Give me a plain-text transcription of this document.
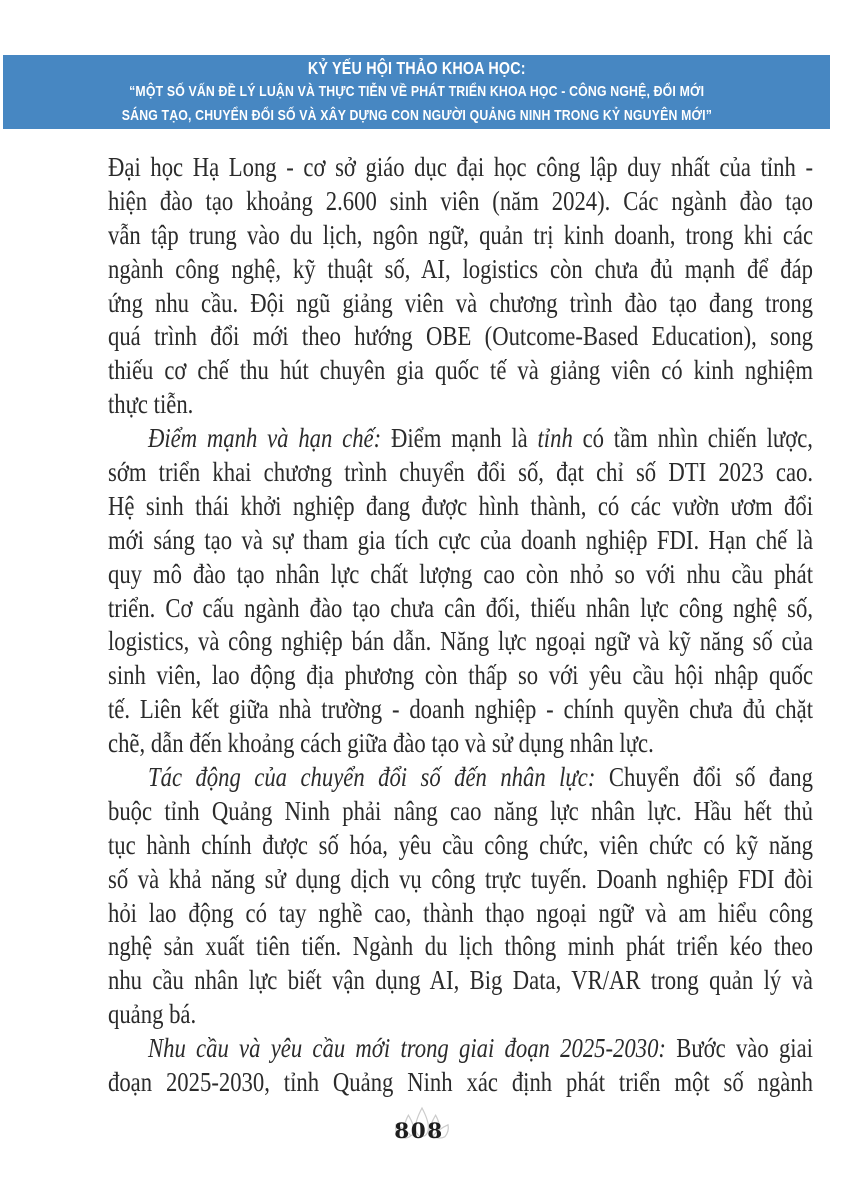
KỶ YẾU HỘI THẢO KHOA HỌC:
“MỘT SỐ VẤN ĐỀ LÝ LUẬN VÀ THỰC TIỄN VỀ PHÁT TRIỂN KHOA HỌC - CÔNG NGHỆ, ĐỔI MỚI
SÁNG TẠO, CHUYỂN ĐỔI SỐ VÀ XÂY DỰNG CON NGƯỜI QUẢNG NINH TRONG KỶ NGUYÊN MỚI”
Đại học Hạ Long - cơ sở giáo dục đại học công lập duy nhất của tỉnh -
hiện đào tạo khoảng 2.600 sinh viên (năm 2024). Các ngành đào tạo
vẫn tập trung vào du lịch, ngôn ngữ, quản trị kinh doanh, trong khi các
ngành công nghệ, kỹ thuật số, AI, logistics còn chưa đủ mạnh để đáp
ứng nhu cầu. Đội ngũ giảng viên và chương trình đào tạo đang trong
quá trình đổi mới theo hướng OBE (Outcome-Based Education), song
thiếu cơ chế thu hút chuyên gia quốc tế và giảng viên có kinh nghiệm
thực tiễn.
Điểm mạnh và hạn chế: Điểm mạnh là tỉnh có tầm nhìn chiến lược,
sớm triển khai chương trình chuyển đổi số, đạt chỉ số DTI 2023 cao.
Hệ sinh thái khởi nghiệp đang được hình thành, có các vườn ươm đổi
mới sáng tạo và sự tham gia tích cực của doanh nghiệp FDI. Hạn chế là
quy mô đào tạo nhân lực chất lượng cao còn nhỏ so với nhu cầu phát
triển. Cơ cấu ngành đào tạo chưa cân đối, thiếu nhân lực công nghệ số,
logistics, và công nghiệp bán dẫn. Năng lực ngoại ngữ và kỹ năng số của
sinh viên, lao động địa phương còn thấp so với yêu cầu hội nhập quốc
tế. Liên kết giữa nhà trường - doanh nghiệp - chính quyền chưa đủ chặt
chẽ, dẫn đến khoảng cách giữa đào tạo và sử dụng nhân lực.
Tác động của chuyển đổi số đến nhân lực: Chuyển đổi số đang
buộc tỉnh Quảng Ninh phải nâng cao năng lực nhân lực. Hầu hết thủ
tục hành chính được số hóa, yêu cầu công chức, viên chức có kỹ năng
số và khả năng sử dụng dịch vụ công trực tuyến. Doanh nghiệp FDI đòi
hỏi lao động có tay nghề cao, thành thạo ngoại ngữ và am hiểu công
nghệ sản xuất tiên tiến. Ngành du lịch thông minh phát triển kéo theo
nhu cầu nhân lực biết vận dụng AI, Big Data, VR/AR trong quản lý và
quảng bá.
Nhu cầu và yêu cầu mới trong giai đoạn 2025-2030: Bước vào giai
đoạn 2025-2030, tỉnh Quảng Ninh xác định phát triển một số ngành
808
